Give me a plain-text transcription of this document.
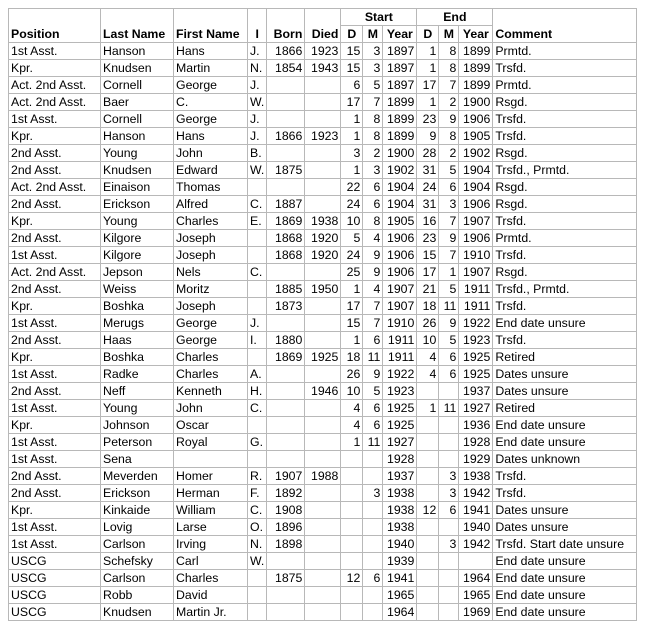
						Start			End			
Position	Last Name	First Name	I	Born	Died	D	M	Year	D	M	Year	Comment
1st Asst.	Hanson	Hans	J.	1866	1923	15	3	1897	1	8	1899	Prmtd.
Kpr.	Knudsen	Martin	N.	1854	1943	15	3	1897	1	8	1899	Trsfd.
Act. 2nd Asst.	Cornell	George	J.			6	5	1897	17	7	1899	Prmtd.
Act. 2nd Asst.	Baer	C.	W.			17	7	1899	1	2	1900	Rsgd.
1st Asst.	Cornell	George	J.			1	8	1899	23	9	1906	Trsfd.
Kpr.	Hanson	Hans	J.	1866	1923	1	8	1899	9	8	1905	Trsfd.
2nd Asst.	Young	John	B.			3	2	1900	28	2	1902	Rsgd.
2nd Asst.	Knudsen	Edward	W.	1875		1	3	1902	31	5	1904	Trsfd., Prmtd.
Act. 2nd Asst.	Einaison	Thomas				22	6	1904	24	6	1904	Rsgd.
2nd Asst.	Erickson	Alfred	C.	1887		24	6	1904	31	3	1906	Rsgd.
Kpr.	Young	Charles	E.	1869	1938	10	8	1905	16	7	1907	Trsfd.
2nd Asst.	Kilgore	Joseph		1868	1920	5	4	1906	23	9	1906	Prmtd.
1st Asst.	Kilgore	Joseph		1868	1920	24	9	1906	15	7	1910	Trsfd.
Act. 2nd Asst.	Jepson	Nels	C.			25	9	1906	17	1	1907	Rsgd.
2nd Asst.	Weiss	Moritz		1885	1950	1	4	1907	21	5	1911	Trsfd., Prmtd.
Kpr.	Boshka	Joseph		1873		17	7	1907	18	11	1911	Trsfd.
1st Asst.	Merugs	George	J.			15	7	1910	26	9	1922	End date unsure
2nd Asst.	Haas	George	I.	1880		1	6	1911	10	5	1923	Trsfd.
Kpr.	Boshka	Charles		1869	1925	18	11	1911	4	6	1925	Retired
1st Asst.	Radke	Charles	A.			26	9	1922	4	6	1925	Dates unsure
2nd Asst.	Neff	Kenneth	H.		1946	10	5	1923			1937	Dates unsure
1st Asst.	Young	John	C.			4	6	1925	1	11	1927	Retired
Kpr.	Johnson	Oscar				4	6	1925			1936	End date unsure
1st Asst.	Peterson	Royal	G.			1	11	1927			1928	End date unsure
1st Asst.	Sena							1928			1929	Dates unknown
2nd Asst.	Meverden	Homer	R.	1907	1988			1937		3	1938	Trsfd.
2nd Asst.	Erickson	Herman	F.	1892			3	1938		3	1942	Trsfd.
Kpr.	Kinkaide	William	C.	1908				1938	12	6	1941	Dates unsure
1st Asst.	Lovig	Larse	O.	1896				1938			1940	Dates unsure
1st Asst.	Carlson	Irving	N.	1898				1940		3	1942	Trsfd. Start date unsure
USCG	Schefsky	Carl	W.					1939				End date unsure
USCG	Carlson	Charles		1875		12	6	1941			1964	End date unsure
USCG	Robb	David						1965			1965	End date unsure
USCG	Knudsen	Martin Jr.						1964			1969	End date unsure
